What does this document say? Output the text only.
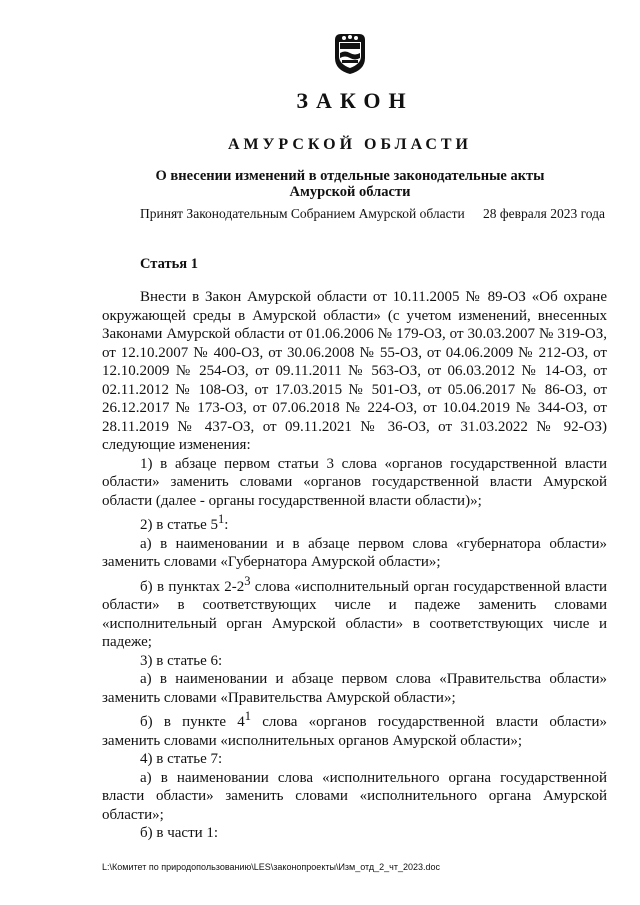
ЗАКОН
АМУРСКОЙ ОБЛАСТИ
О внесении изменений в отдельные законодательные акты
Амурской области
Принят Законодательным Собранием Амурской области 28 февраля 2023 года
Статья 1

Внести в Закон Амурской области от 10.11.2005 № 89-ОЗ «Об охране окружающей среды в Амурской области» (с учетом изменений, внесенных Законами Амурской области от 01.06.2006 № 179-ОЗ, от 30.03.2007 № 319-ОЗ, от 12.10.2007 № 400-ОЗ, от 30.06.2008 № 55-ОЗ, от 04.06.2009 № 212-ОЗ, от 12.10.2009 № 254-ОЗ, от 09.11.2011 № 563-ОЗ, от 06.03.2012 № 14-ОЗ, от 02.11.2012 № 108-ОЗ, от 17.03.2015 № 501-ОЗ, от 05.06.2017 № 86-ОЗ, от 26.12.2017 № 173-ОЗ, от 07.06.2018 № 224-ОЗ, от 10.04.2019 № 344-ОЗ, от 28.11.2019 № 437-ОЗ, от 09.11.2021 № 36-ОЗ, от 31.03.2022 № 92-ОЗ) следующие изменения:

1) в абзаце первом статьи 3 слова «органов государственной власти области» заменить словами «органов государственной власти Амурской области (далее - органы государственной власти области)»;

2) в статье $5^1$:

а) в наименовании и в абзаце первом слова «губернатора области» заменить словами «Губернатора Амурской области»;

б) в пунктах $2-2^3$ слова «исполнительный орган государственной власти области» в соответствующих числе и падеже заменить словами «исполнительный орган Амурской области» в соответствующих числе и падеже;

3) в статье 6:

а) в наименовании и абзаце первом слова «Правительства области» заменить словами «Правительства Амурской области»;

б) в пункте $4^1$ слова «органов государственной власти области» заменить словами «исполнительных органов Амурской области»;

4) в статье 7:

а) в наименовании слова «исполнительного органа государственной власти области» заменить словами «исполнительного органа Амурской области»;

б) в части 1:

L:\Комитет по природопользованию\LES\законопроекты\Изм_отд_2_чт_2023.doc
